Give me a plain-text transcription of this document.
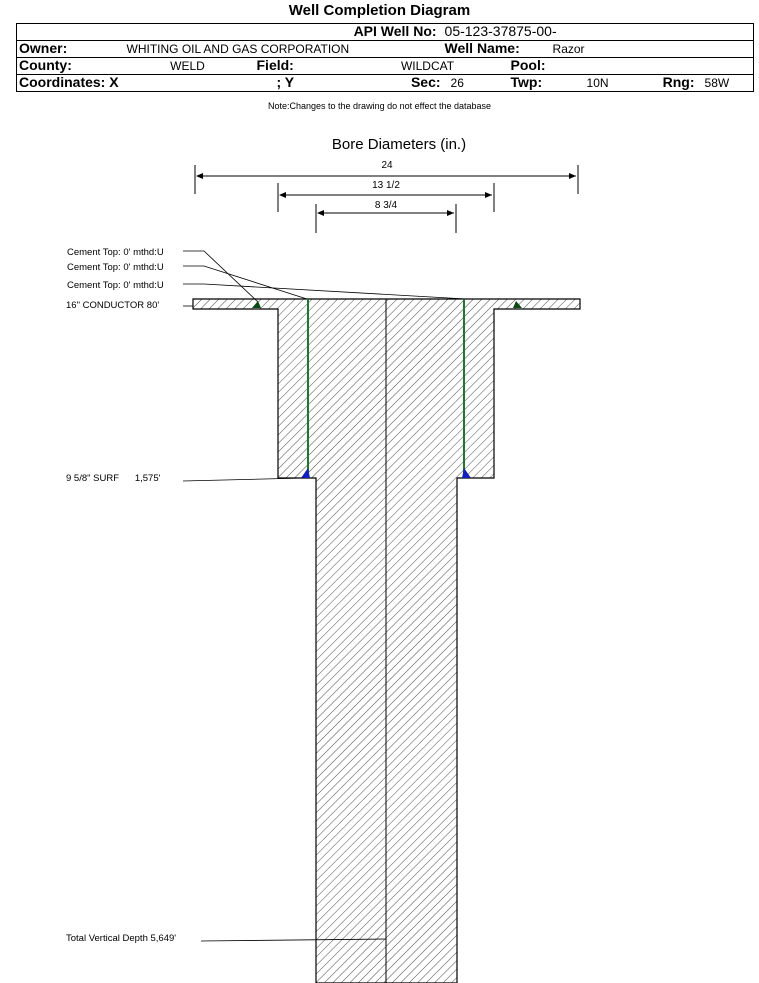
Well Completion Diagram
API Well No:				05-123-37875-00-					
Owner:	WHITING OIL AND GAS CORPORATION			Well Name:		Razor			
County:	WELD	Field:	WILDCAT		Pool:				
Coordinates: X		; Y	Sec:	26	Twp:		10N	Rng:	58W
Note:Changes to the drawing do not effect the database
Bore Diameters (in.)
24
13 1/2
8 3/4
Cement Top: 0' mthd:U
Cement Top: 0' mthd:U
Cement Top: 0' mthd:U
16" CONDUCTOR 80'
9 5/8" SURF      1,575'
Total Vertical Depth 5,649'
